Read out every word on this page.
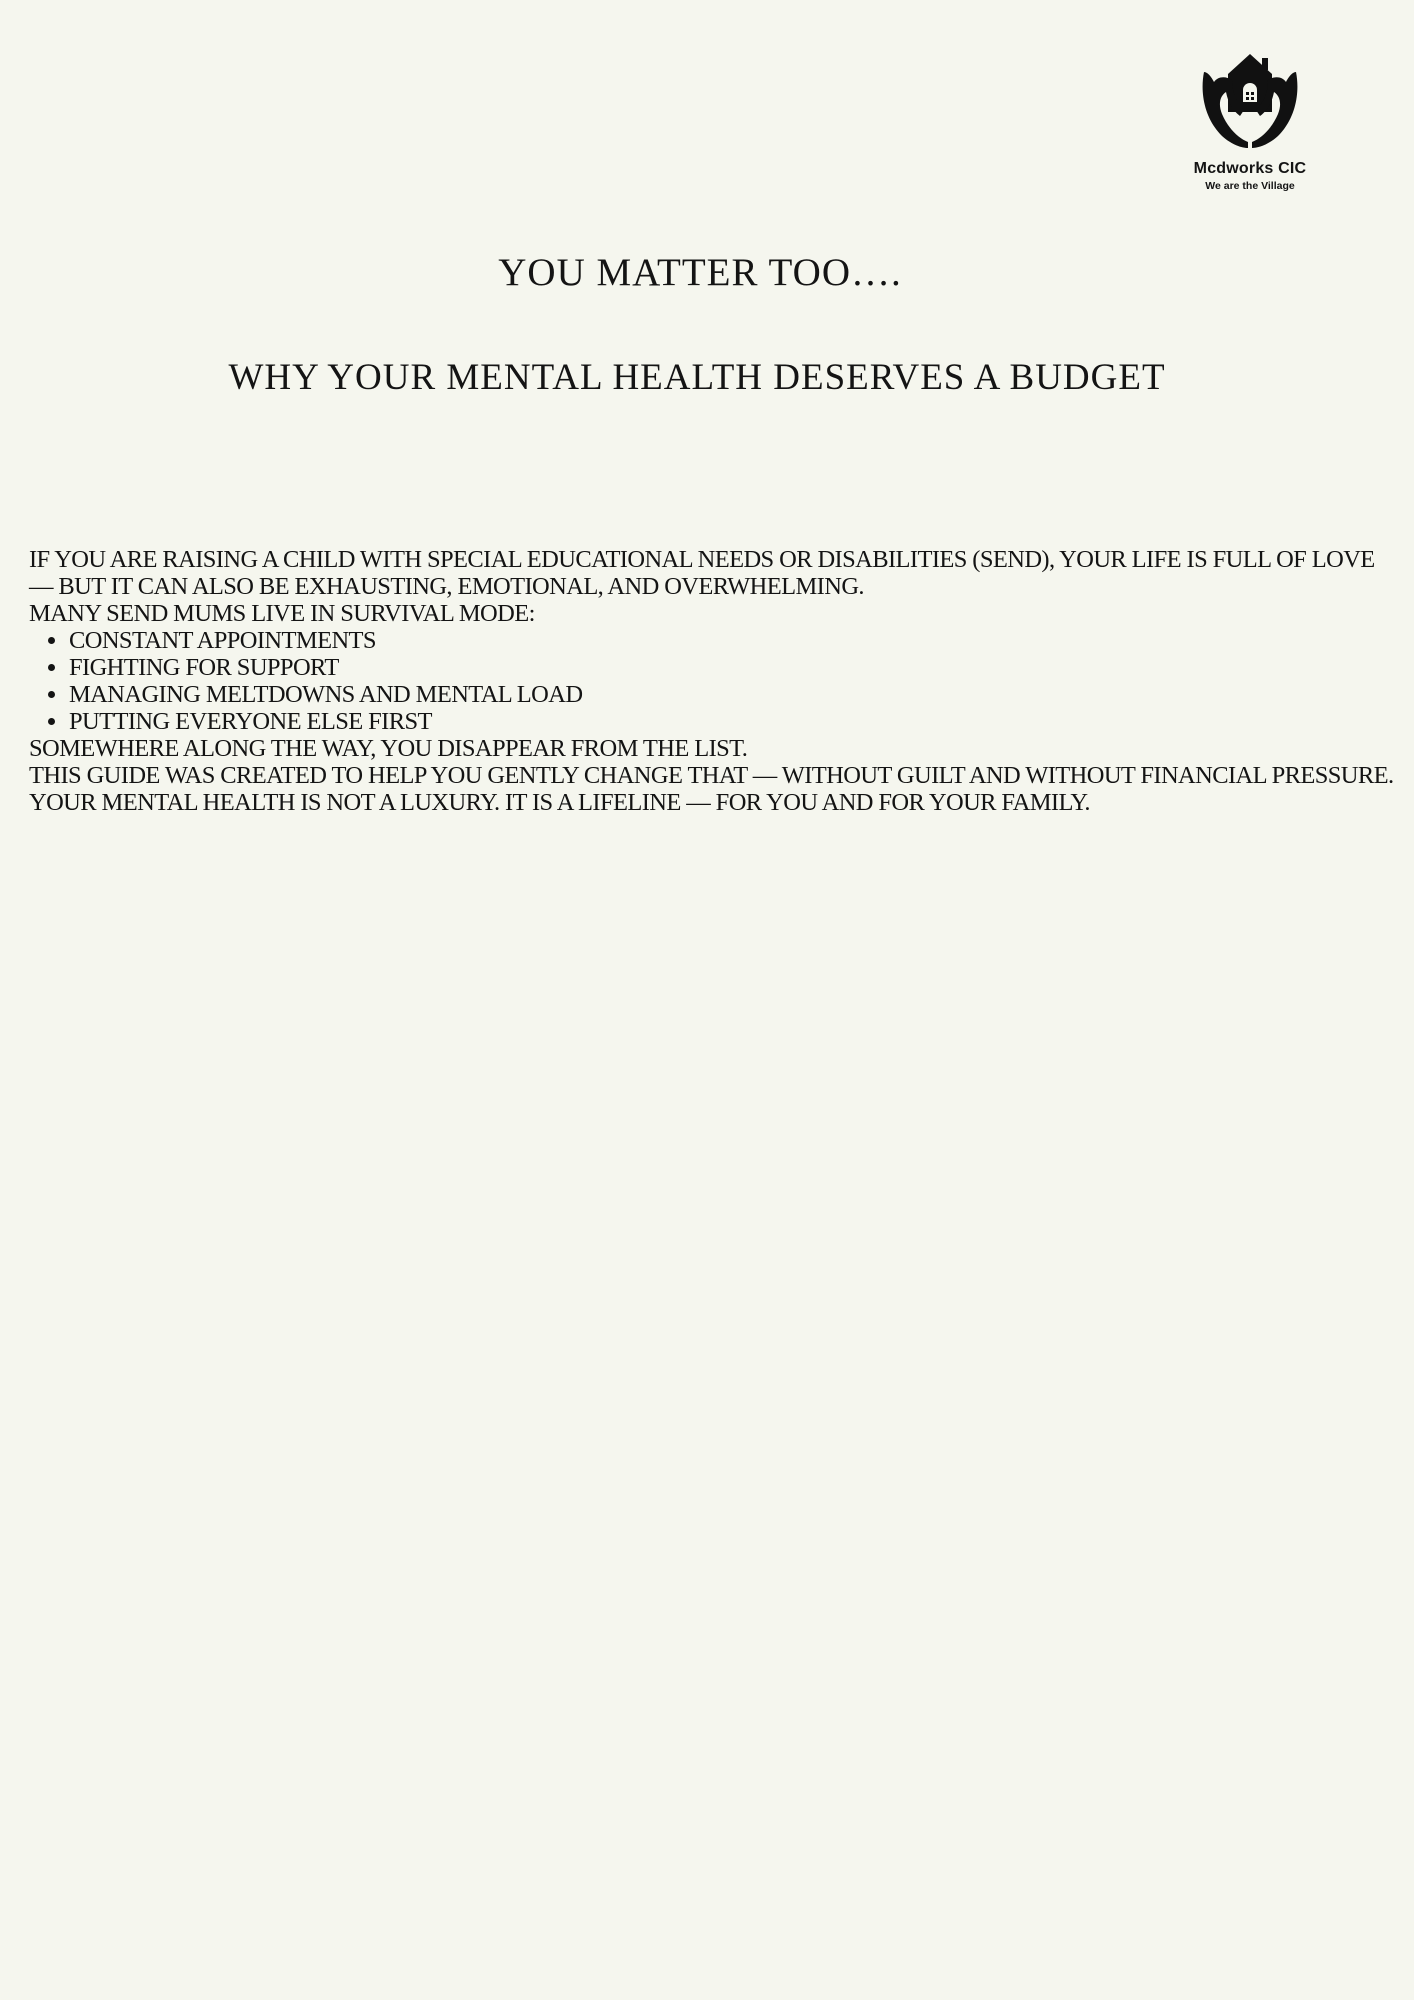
Mcdworks CIC
We are the Village
YOU MATTER TOO….
WHY YOUR MENTAL HEALTH DESERVES A BUDGET

IF YOU ARE RAISING A CHILD WITH SPECIAL EDUCATIONAL NEEDS OR DISABILITIES (SEND), YOUR LIFE IS FULL OF LOVE — BUT IT CAN ALSO BE EXHAUSTING, EMOTIONAL, AND OVERWHELMING.

MANY SEND MUMS LIVE IN SURVIVAL MODE:

• CONSTANT APPOINTMENTS
• FIGHTING FOR SUPPORT
• MANAGING MELTDOWNS AND MENTAL LOAD
• PUTTING EVERYONE ELSE FIRST

SOMEWHERE ALONG THE WAY, YOU DISAPPEAR FROM THE LIST.

THIS GUIDE WAS CREATED TO HELP YOU GENTLY CHANGE THAT — WITHOUT GUILT AND WITHOUT FINANCIAL PRESSURE.

YOUR MENTAL HEALTH IS NOT A LUXURY. IT IS A LIFELINE — FOR YOU AND FOR YOUR FAMILY.
